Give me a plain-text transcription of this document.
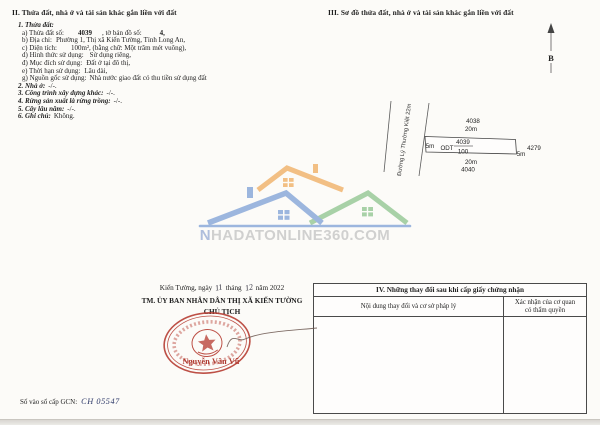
NHADATONLINE360.COM
II. Thửa đất, nhà ở và tài sản khác gắn liền với đất
1. Thửa đất:
a) Thửa đất số: 4039 , tờ bản đồ số:	4,
b) Địa chỉ: Phường 1, Thị xã Kiến Tường, Tỉnh Long An,
c) Diện tích: 100m², (bằng chữ: Một trăm mét vuông),
d) Hình thức sử dụng: Sử dụng riêng,
đ) Mục đích sử dụng: Đất ở tại đô thị,
e) Thời hạn sử dụng: Lâu dài,
g) Nguồn gốc sử dụng: Nhà nước giao đất có thu tiền sử dụng đất
2. Nhà ở: -/-.
3. Công trình xây dựng khác: -/-.
4. Rừng sản xuất là rừng trồng: -/-.
5. Cây lâu năm: -/-.
6. Ghi chú: Không.
III. Sơ đồ thửa đất, nhà ở và tài sản khác gắn liền với đất
B
Đường Lý Thường Kiệt 22m	4038
20m
5m ODT
4039
100
20m
4040
5m
4279
Kiến Tường, ngày 11 tháng 12 năm 2022
TM. ỦY BAN NHÂN DÂN THỊ XÃ KIẾN TƯỜNG
CHỦ TỊCH
Nguyễn Văn Vũ
IV. Những thay đổi sau khi cấp giấy chứng nhận
Nội dung thay đổi và cơ sở pháp lý
Xác nhận của cơ quan có thẩm quyền
Số vào sổ cấp GCN: CH 05547
